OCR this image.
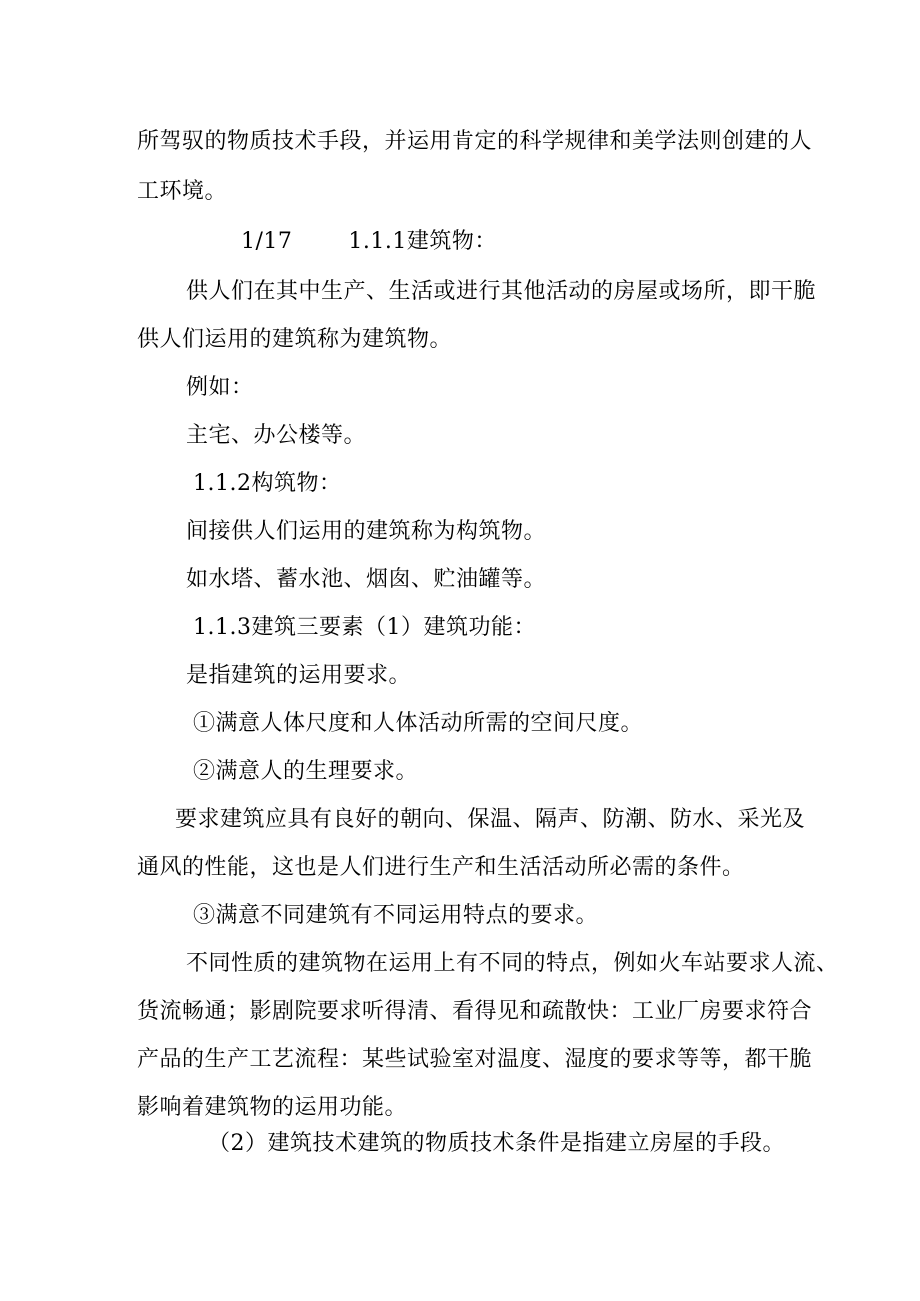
所驾驭的物质技术手段，并运用肯定的科学规律和美学法则创建的人
工环境。
1/17	1.1.1建筑物：
供人们在其中生产、生活或进行其他活动的房屋或场所，即干脆
供人们运用的建筑称为建筑物。
例如：
主宅、办公楼等。
1.1.2构筑物：
间接供人们运用的建筑称为构筑物。
如水塔、蓄水池、烟囱、贮油罐等。
1.1.3建筑三要素（1）建筑功能：
是指建筑的运用要求。
①满意人体尺度和人体活动所需的空间尺度。
②满意人的生理要求。
要求建筑应具有良好的朝向、保温、隔声、防潮、防水、采光及
通风的性能，这也是人们进行生产和生活活动所必需的条件。
③满意不同建筑有不同运用特点的要求。
不同性质的建筑物在运用上有不同的特点，例如火车站要求人流、
货流畅通；影剧院要求听得清、看得见和疏散快：工业厂房要求符合
产品的生产工艺流程：某些试验室对温度、湿度的要求等等，都干脆
影响着建筑物的运用功能。
（2）建筑技术建筑的物质技术条件是指建立房屋的手段。
